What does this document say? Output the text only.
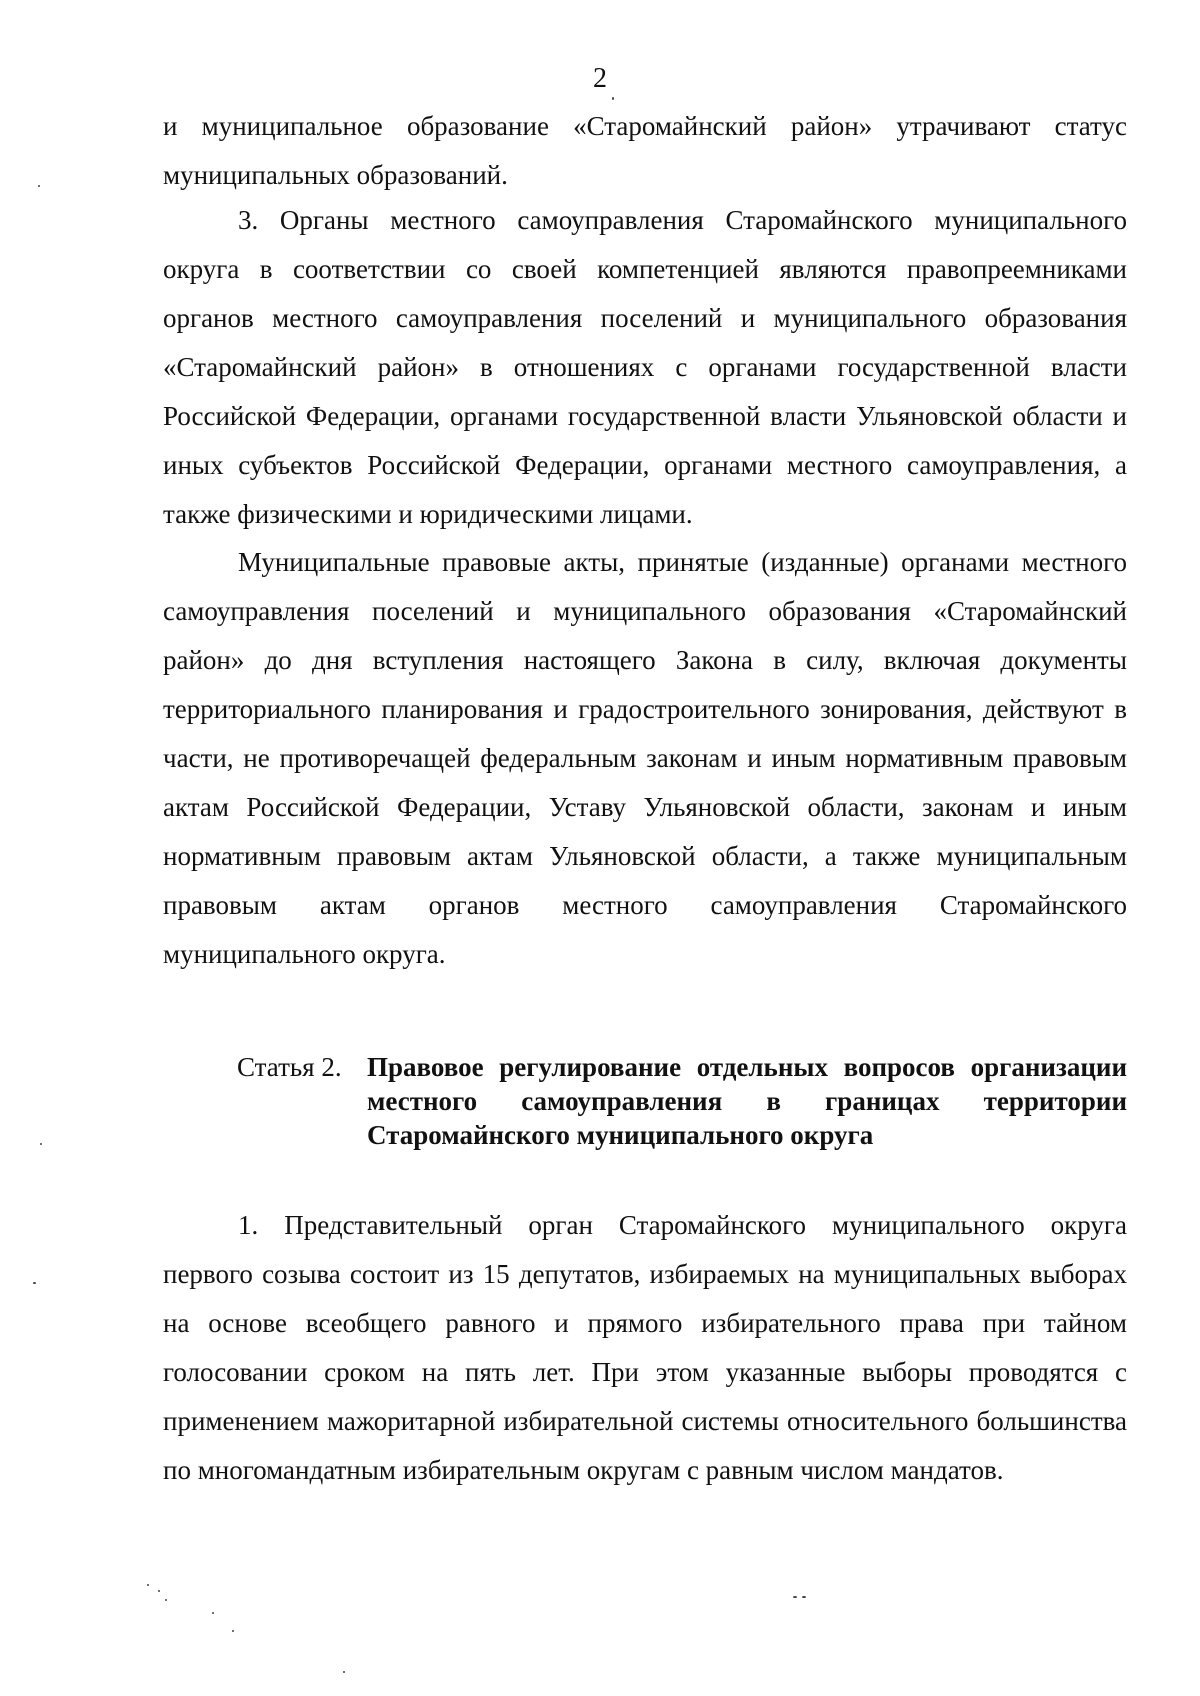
2

и муниципальное образование «Старомайнский район» утрачивают статус муниципальных образований.

3. Органы местного самоуправления Старомайнского муниципального округа в соответствии со своей компетенцией являются правопреемниками органов местного самоуправления поселений и муниципального образования «Старомайнский район» в отношениях с органами государственной власти Российской Федерации, органами государственной власти Ульяновской области и иных субъектов Российской Федерации, органами местного самоуправления, а также физическими и юридическими лицами.

Муниципальные правовые акты, принятые (изданные) органами местного самоуправления поселений и муниципального образования «Старомайнский район» до дня вступления настоящего Закона в силу, включая документы территориального планирования и градостроительного зонирования, действуют в части, не противоречащей федеральным законам и иным нормативным правовым актам Российской Федерации, Уставу Ульяновской области, законам и иным нормативным правовым актам Ульяновской области, а также муниципальным правовым актам органов местного самоуправления Старомайнского муниципального округа.

Статья 2. Правовое регулирование отдельных вопросов организации местного самоуправления в границах территории Старомайнского муниципального округа

1. Представительный орган Старомайнского муниципального округа первого созыва состоит из 15 депутатов, избираемых на муниципальных выборах на основе всеобщего равного и прямого избирательного права при тайном голосовании сроком на пять лет. При этом указанные выборы проводятся с применением мажоритарной избирательной системы относительного большинства по многомандатным избирательным округам с равным числом мандатов.
